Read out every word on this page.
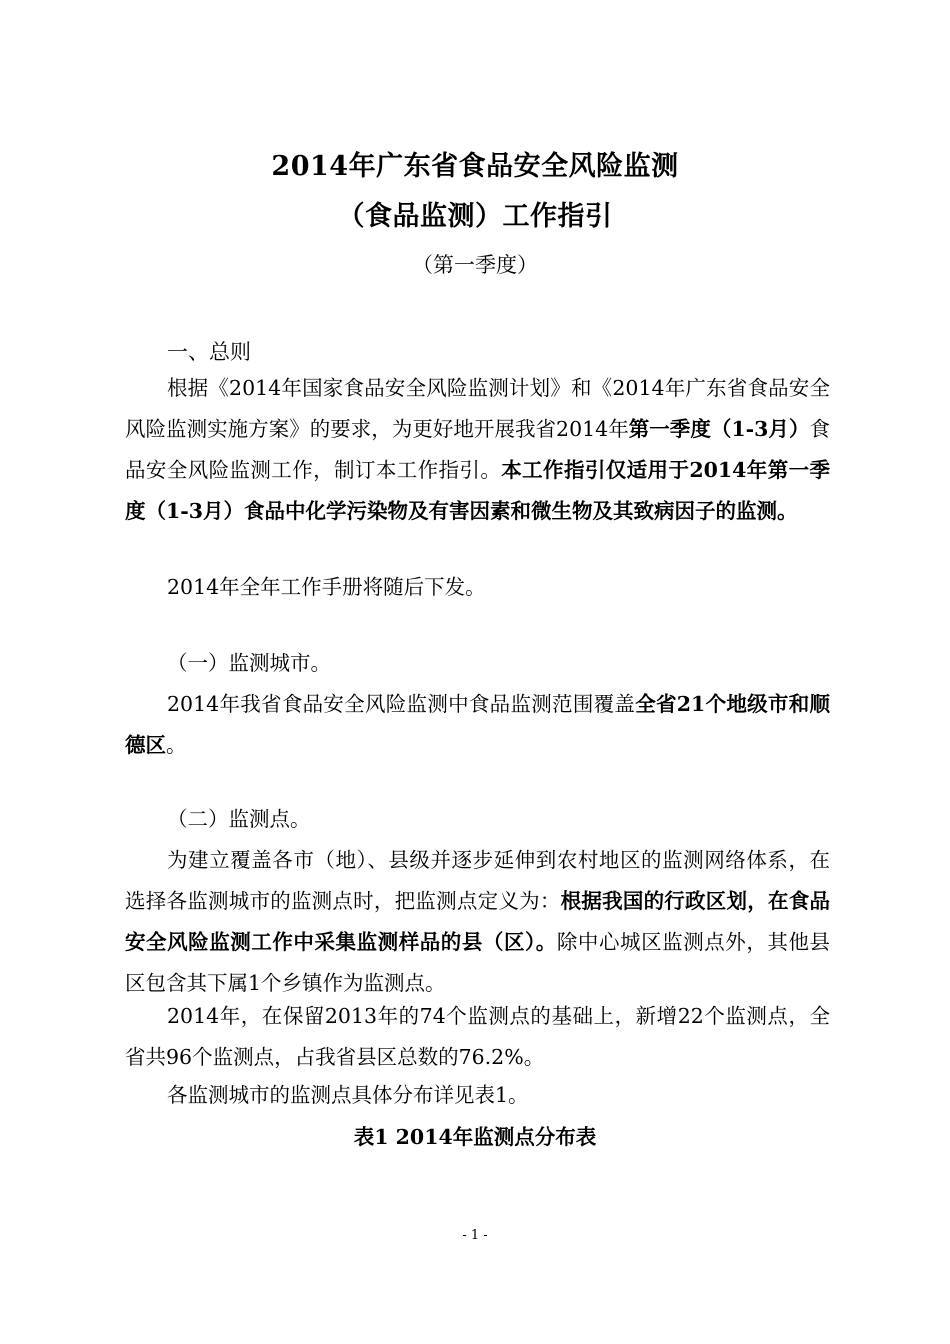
2014年广东省食品安全风险监测
（食品监测）工作指引
（第一季度）
一、总则

根据《2014年国家食品安全风险监测计划》和《2014年广东省食品安全风险监测实施方案》的要求，为更好地开展我省2014年第一季度（1-3月）食品安全风险监测工作，制订本工作指引。本工作指引仅适用于2014年第一季度（1-3月）食品中化学污染物及有害因素和微生物及其致病因子的监测。

2014年全年工作手册将随后下发。

（一）监测城市。

2014年我省食品安全风险监测中食品监测范围覆盖全省21个地级市和顺德区。

（二）监测点。

为建立覆盖各市（地）、县级并逐步延伸到农村地区的监测网络体系，在选择各监测城市的监测点时，把监测点定义为：根据我国的行政区划，在食品安全风险监测工作中采集监测样品的县（区）。除中心城区监测点外，其他县区包含其下属1个乡镇作为监测点。

2014年，在保留2013年的74个监测点的基础上，新增22个监测点，全省共96个监测点，占我省县区总数的76.2%。

各监测城市的监测点具体分布详见表1。

表1 2014年监测点分布表
- 1 -
